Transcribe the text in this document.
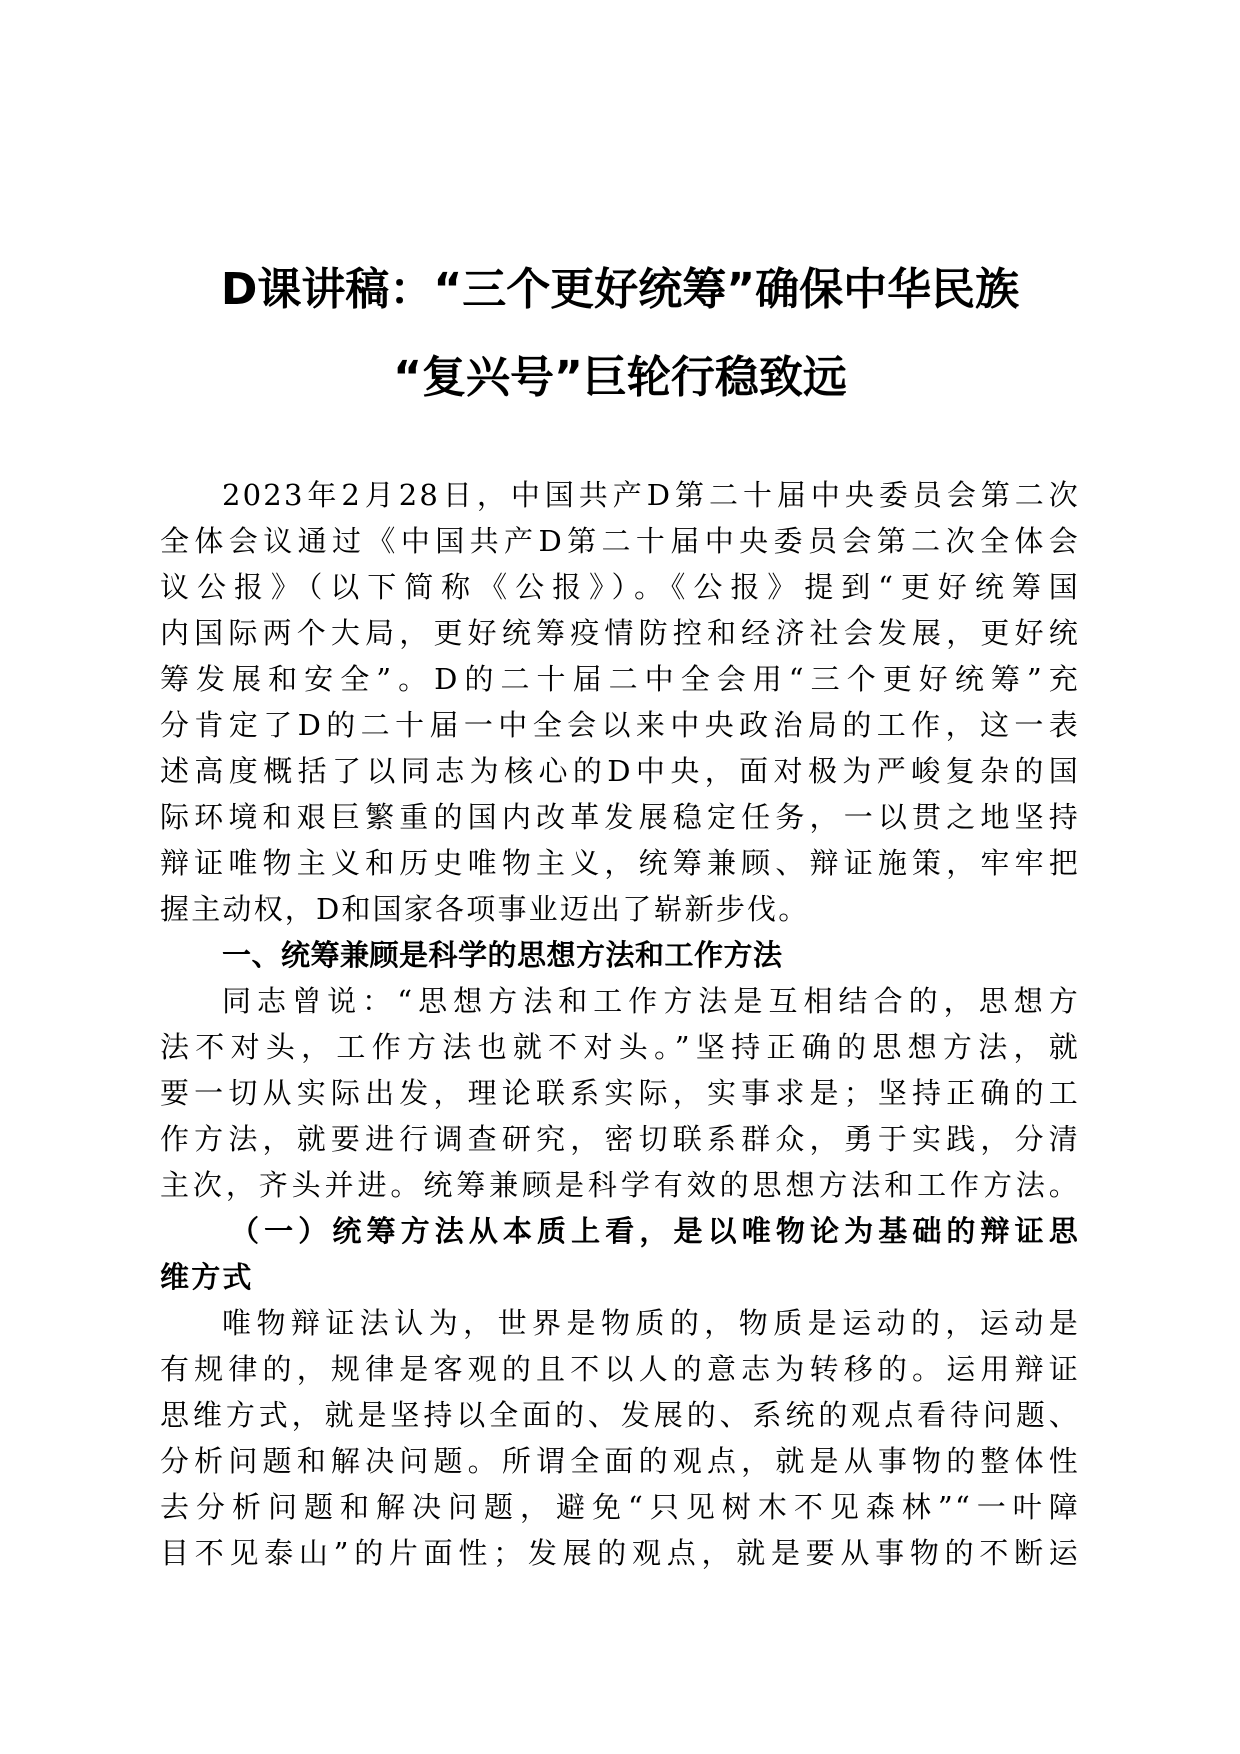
D课讲稿：“三个更好统筹”确保中华民族
“复兴号”巨轮行稳致远
2023年2月28日，中国共产D第二十届中央委员会第二次
全体会议通过《中国共产D第二十届中央委员会第二次全体会
议公报》（以下简称《公报》）。《公报》提到“更好统筹国
内国际两个大局，更好统筹疫情防控和经济社会发展，更好统
筹发展和安全”。D的二十届二中全会用“三个更好统筹”充
分肯定了D的二十届一中全会以来中央政治局的工作，这一表
述高度概括了以同志为核心的D中央，面对极为严峻复杂的国
际环境和艰巨繁重的国内改革发展稳定任务，一以贯之地坚持
辩证唯物主义和历史唯物主义，统筹兼顾、辩证施策，牢牢把
握主动权，D和国家各项事业迈出了崭新步伐。
一、统筹兼顾是科学的思想方法和工作方法
同志曾说：“思想方法和工作方法是互相结合的，思想方
法不对头，工作方法也就不对头。”坚持正确的思想方法，就
要一切从实际出发，理论联系实际，实事求是；坚持正确的工
作方法，就要进行调查研究，密切联系群众，勇于实践，分清
主次，齐头并进。统筹兼顾是科学有效的思想方法和工作方法。
（一）统筹方法从本质上看，是以唯物论为基础的辩证思
维方式
唯物辩证法认为，世界是物质的，物质是运动的，运动是
有规律的，规律是客观的且不以人的意志为转移的。运用辩证
思维方式，就是坚持以全面的、发展的、系统的观点看待问题、
分析问题和解决问题。所谓全面的观点，就是从事物的整体性
去分析问题和解决问题，避免“只见树木不见森林”“一叶障
目不见泰山”的片面性；发展的观点，就是要从事物的不断运
